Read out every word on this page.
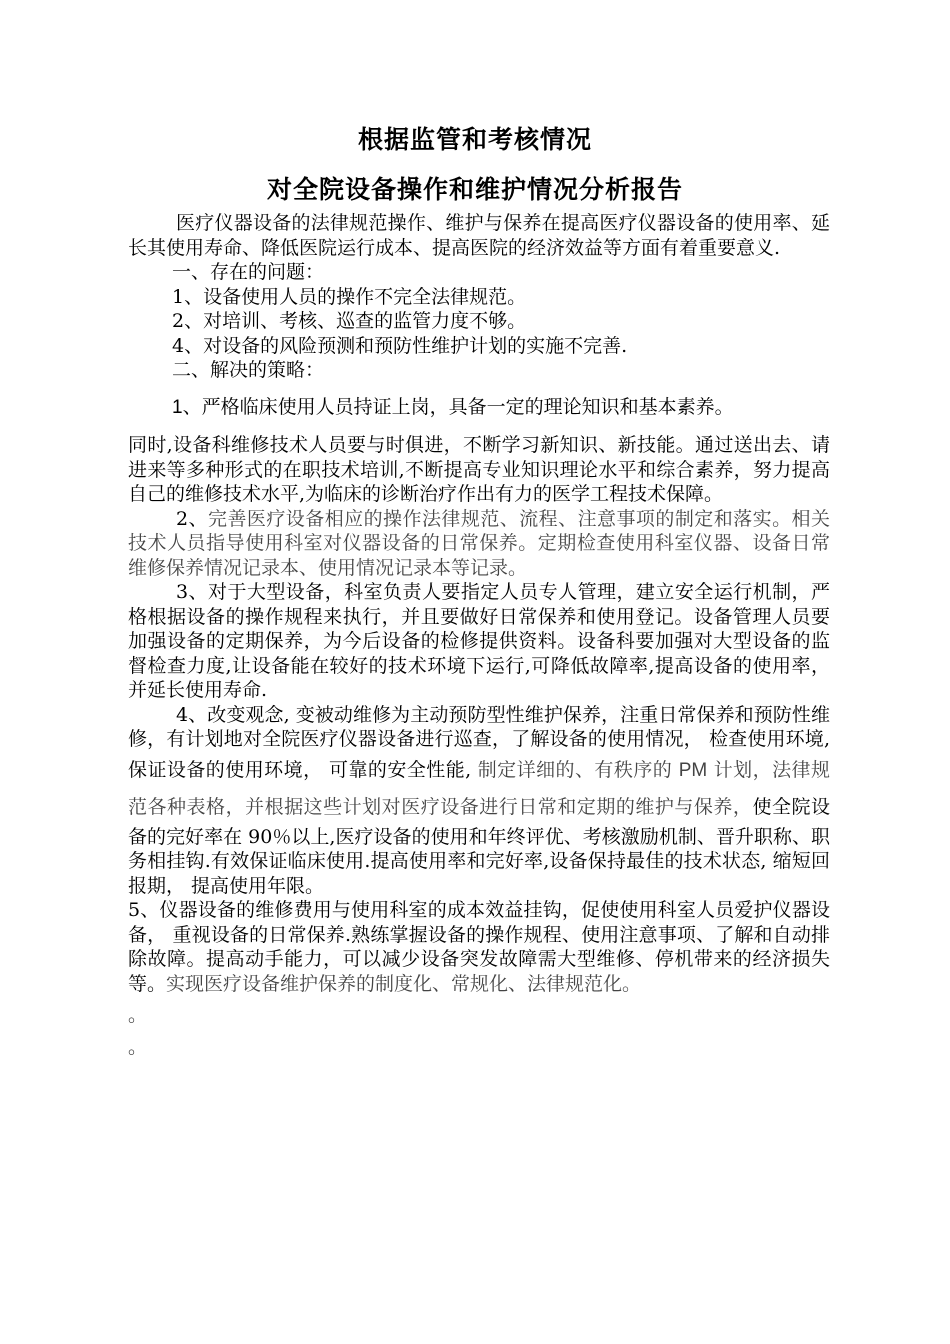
根据监管和考核情况
对全院设备操作和维护情况分析报告

医疗仪器设备的法律规范操作、维护与保养在提高医疗仪器设备的使用率、延长其使用寿命、降低医院运行成本、提高医院的经济效益等方面有着重要意义.

一、存在的问题：

1、设备使用人员的操作不完全法律规范。

2、对培训、考核、巡查的监管力度不够。

4、对设备的风险预测和预防性维护计划的实施不完善.

二、解决的策略：

1、严格临床使用人员持证上岗，具备一定的理论知识和基本素养。

同时,设备科维修技术人员要与时俱进，不断学习新知识、新技能。通过送出去、请进来等多种形式的在职技术培训,不断提高专业知识理论水平和综合素养，努力提高自己的维修技术水平,为临床的诊断治疗作出有力的医学工程技术保障。

2、完善医疗设备相应的操作法律规范、流程、注意事项的制定和落实。相关技术人员指导使用科室对仪器设备的日常保养。定期检查使用科室仪器、设备日常维修保养情况记录本、使用情况记录本等记录。

3、对于大型设备，科室负责人要指定人员专人管理，建立安全运行机制，严格根据设备的操作规程来执行，并且要做好日常保养和使用登记。设备管理人员要加强设备的定期保养，为今后设备的检修提供资料。设备科要加强对大型设备的监督检查力度,让设备能在较好的技术环境下运行,可降低故障率,提高设备的使用率，并延长使用寿命.

4、改变观念, 变被动维修为主动预防型性维护保养，注重日常保养和预防性维修，有计划地对全院医疗仪器设备进行巡查，了解设备的使用情况， 检查使用环境, 保证设备的使用环境， 可靠的安全性能, 制定详细的、有秩序的 PM 计划，法律规范各种表格，并根据这些计划对医疗设备进行日常和定期的维护与保养，使全院设备的完好率在 90％以上,医疗设备的使用和年终评优、考核激励机制、晋升职称、职务相挂钩.有效保证临床使用.提高使用率和完好率,设备保持最佳的技术状态, 缩短回报期， 提高使用年限。

5、仪器设备的维修费用与使用科室的成本效益挂钩，促使使用科室人员爱护仪器设备， 重视设备的日常保养.熟练掌握设备的操作规程、使用注意事项、了解和自动排除故障。提高动手能力，可以减少设备突发故障需大型维修、停机带来的经济损失等。实现医疗设备维护保养的制度化、常规化、法律规范化。

。

。
